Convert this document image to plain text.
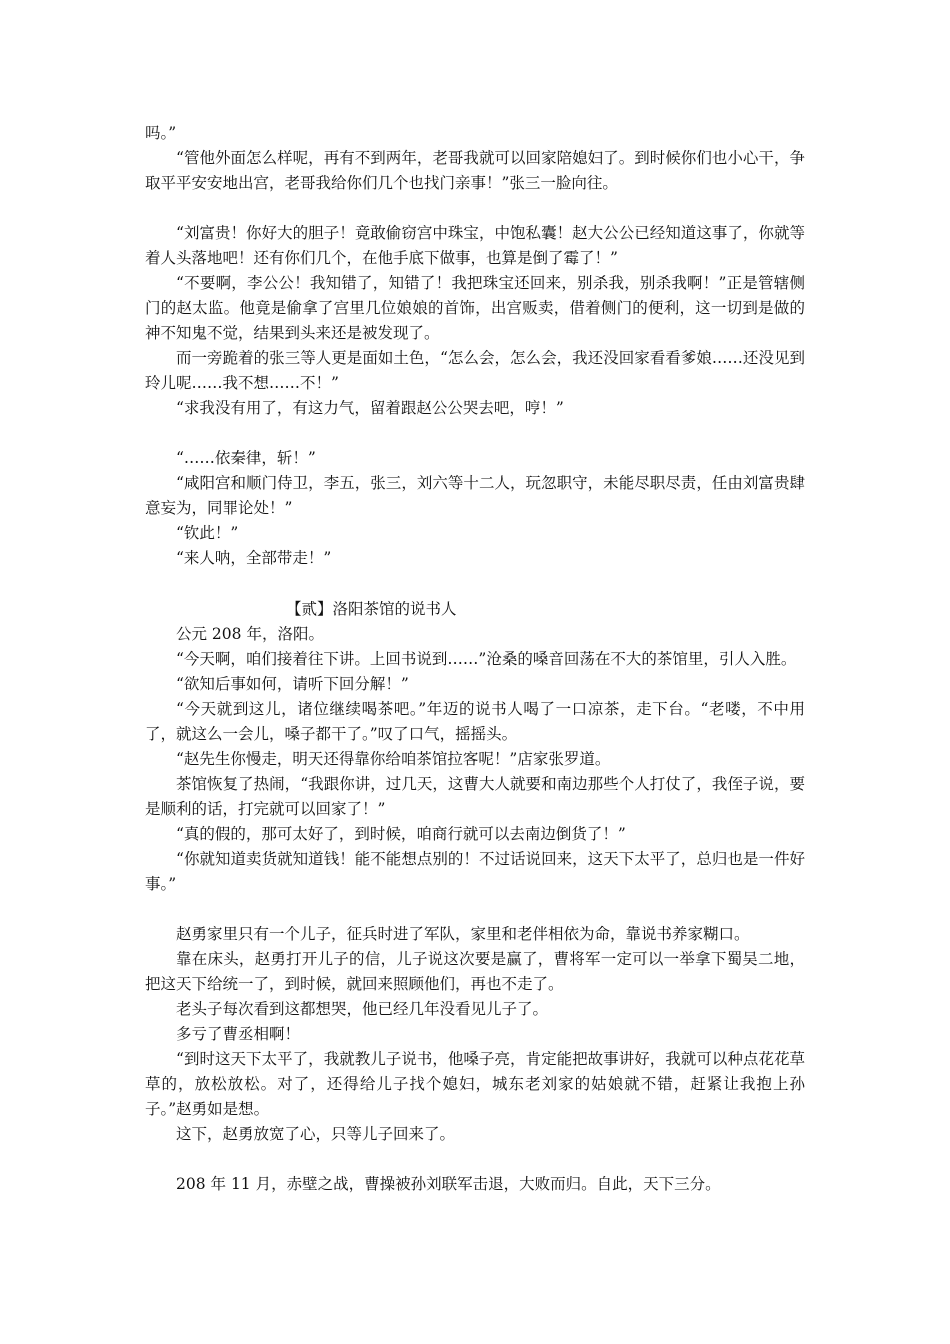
吗。”

“管他外面怎么样呢，再有不到两年，老哥我就可以回家陪媳妇了。到时候你们也小心干，争取平平安安地出宫，老哥我给你们几个也找门亲事！”张三一脸向往。

“刘富贵！你好大的胆子！竟敢偷窃宫中珠宝，中饱私囊！赵大公公已经知道这事了，你就等着人头落地吧！还有你们几个，在他手底下做事，也算是倒了霉了！”

“不要啊，李公公！我知错了，知错了！我把珠宝还回来，别杀我，别杀我啊！”正是管辖侧门的赵太监。他竟是偷拿了宫里几位娘娘的首饰，出宫贩卖，借着侧门的便利，这一切到是做的神不知鬼不觉，结果到头来还是被发现了。

而一旁跪着的张三等人更是面如土色，“怎么会，怎么会，我还没回家看看爹娘……还没见到玲儿呢……我不想……不！”

“求我没有用了，有这力气，留着跟赵公公哭去吧，哼！”

“……依秦律，斩！”

“咸阳宫和顺门侍卫，李五，张三，刘六等十二人，玩忽职守，未能尽职尽责，任由刘富贵肆意妄为，同罪论处！”

“钦此！”

“来人呐，全部带走！”

【贰】洛阳茶馆的说书人

公元 208 年，洛阳。

“今天啊，咱们接着往下讲。上回书说到……”沧桑的嗓音回荡在不大的茶馆里，引人入胜。

“欲知后事如何，请听下回分解！”

“今天就到这儿，诸位继续喝茶吧。”年迈的说书人喝了一口凉茶，走下台。“老喽，不中用了，就这么一会儿，嗓子都干了。”叹了口气，摇摇头。

“赵先生你慢走，明天还得靠你给咱茶馆拉客呢！”店家张罗道。

茶馆恢复了热闹，“我跟你讲，过几天，这曹大人就要和南边那些个人打仗了，我侄子说，要是顺利的话，打完就可以回家了！”

“真的假的，那可太好了，到时候，咱商行就可以去南边倒货了！”

“你就知道卖货就知道钱！能不能想点别的！不过话说回来，这天下太平了，总归也是一件好事。”

赵勇家里只有一个儿子，征兵时进了军队，家里和老伴相依为命，靠说书养家糊口。

靠在床头，赵勇打开儿子的信，儿子说这次要是赢了，曹将军一定可以一举拿下蜀吴二地，把这天下给统一了，到时候，就回来照顾他们，再也不走了。

老头子每次看到这都想哭，他已经几年没看见儿子了。

多亏了曹丞相啊！

“到时这天下太平了，我就教儿子说书，他嗓子亮，肯定能把故事讲好，我就可以种点花花草草的，放松放松。对了，还得给儿子找个媳妇，城东老刘家的姑娘就不错，赶紧让我抱上孙子。”赵勇如是想。

这下，赵勇放宽了心，只等儿子回来了。

208 年 11 月，赤壁之战，曹操被孙刘联军击退，大败而归。自此，天下三分。
